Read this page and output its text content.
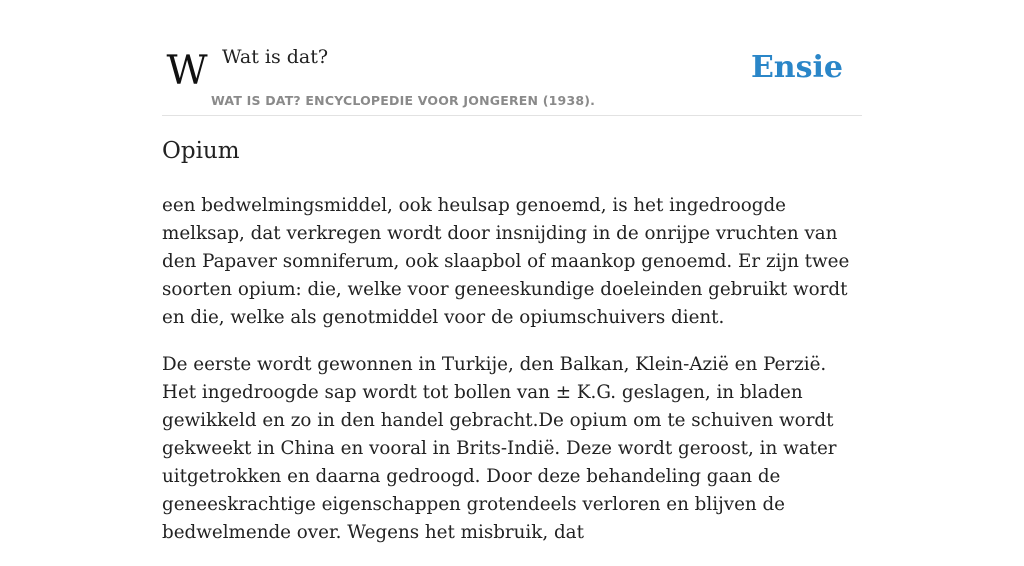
W Wat is dat?
WAT IS DAT? ENCYCLOPEDIE VOOR JONGEREN (1938).
Ensie
Opium

een bedwelmingsmiddel, ook heulsap genoemd, is het ingedroogde melksap, dat verkregen wordt door insnijding in de onrijpe vruchten van den Papaver somniferum, ook slaapbol of maankop genoemd. Er zijn twee soorten opium: die, welke voor geneeskundige doeleinden gebruikt wordt en die, welke als genotmiddel voor de opiumschuivers dient.

De eerste wordt gewonnen in Turkije, den Balkan, Klein-Azië en Perzië. Het ingedroogde sap wordt tot bollen van ± K.G. geslagen, in bladen gewikkeld en zo in den handel gebracht.De opium om te schuiven wordt gekweekt in China en vooral in Brits-Indië. Deze wordt geroost, in water uitgetrokken en daarna gedroogd. Door deze behandeling gaan de geneeskrachtige eigenschappen grotendeels verloren en blijven de bedwelmende over. Wegens het misbruik, dat
